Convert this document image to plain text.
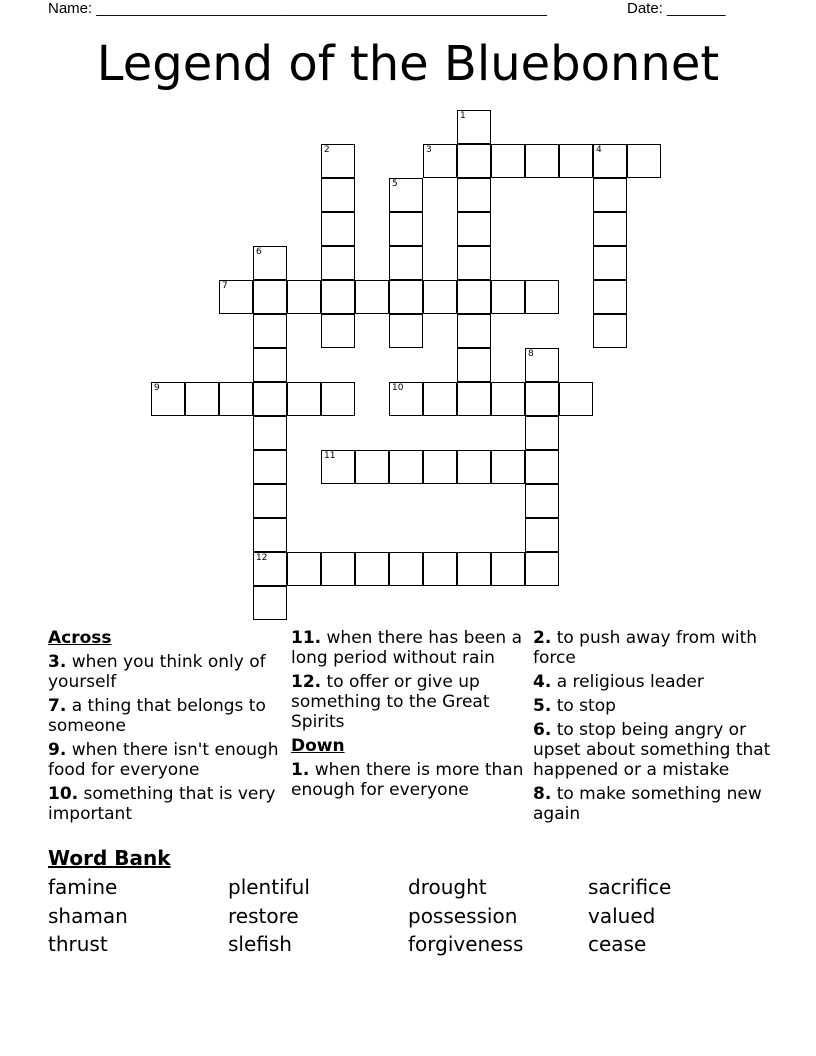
Name: ______________________________________________________	Date: _______
Legend of the Bluebonnet
1
2	3	4
5
6
12
7
8
9	10
11
Across
3. when you think only of yourself
7. a thing that belongs to someone
9. when there isn't enough food for everyone
10. something that is very important
11. when there has been a long period without rain
12. to offer or give up something to the Great Spirits
Down
1. when there is more than enough for everyone
2. to push away from with force
4. a religious leader
5. to stop
6. to stop being angry or upset about something that happened or a mistake
8. to make something new again
Word Bank
famine	plentiful	drought	sacrifice
shaman	restore	possession	valued
thrust	slefish	forgiveness	cease
